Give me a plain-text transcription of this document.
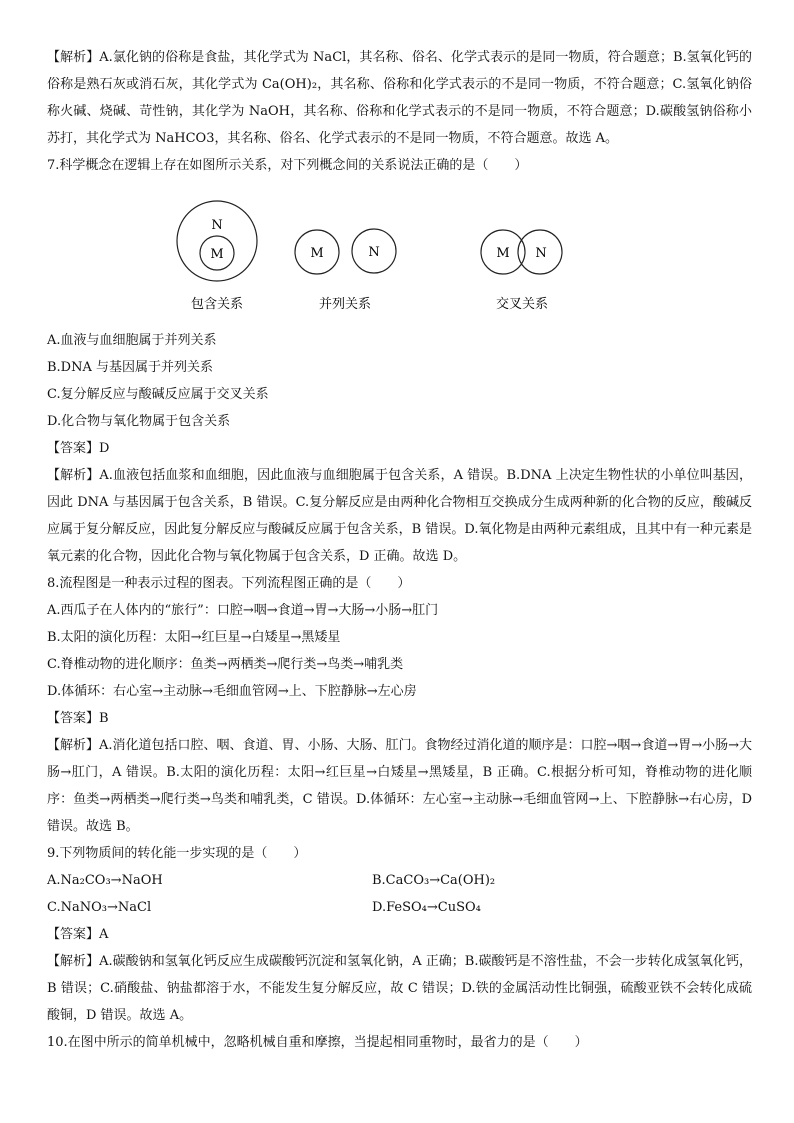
【解析】A.氯化钠的俗称是食盐，其化学式为 NaCl，其名称、俗名、化学式表示的是同一物质，符合题意；B.氢氧化钙的俗称是熟石灰或消石灰，其化学式为 Ca(OH)₂，其名称、俗称和化学式表示的不是同一物质，不符合题意；C.氢氧化钠俗称火碱、烧碱、苛性钠，其化学为 NaOH，其名称、俗称和化学式表示的不是同一物质，不符合题意；D.碳酸氢钠俗称小苏打，其化学式为 NaHCO3，其名称、俗名、化学式表示的不是同一物质，不符合题意。故选 A。

7.科学概念在逻辑上存在如图所示关系，对下列概念间的关系说法正确的是（　　）

N
M
包含关系
M	N
并列关系
M N
交叉关系

A.血液与血细胞属于并列关系

B.DNA 与基因属于并列关系

C.复分解反应与酸碱反应属于交叉关系

D.化合物与氧化物属于包含关系

【答案】D

【解析】A.血液包括血浆和血细胞，因此血液与血细胞属于包含关系，A 错误。B.DNA 上决定生物性状的小单位叫基因，因此 DNA 与基因属于包含关系，B 错误。C.复分解反应是由两种化合物相互交换成分生成两种新的化合物的反应，酸碱反应属于复分解反应，因此复分解反应与酸碱反应属于包含关系，B 错误。D.氧化物是由两种元素组成，且其中有一种元素是氧元素的化合物，因此化合物与氧化物属于包含关系，D 正确。故选 D。

8.流程图是一种表示过程的图表。下列流程图正确的是（　　）

A.西瓜子在人体内的“旅行”：口腔→咽→食道→胃→大肠→小肠→肛门

B.太阳的演化历程：太阳→红巨星→白矮星→黑矮星

C.脊椎动物的进化顺序：鱼类→两栖类→爬行类→鸟类→哺乳类

D.体循环：右心室→主动脉→毛细血管网→上、下腔静脉→左心房

【答案】B

【解析】A.消化道包括口腔、咽、食道、胃、小肠、大肠、肛门。食物经过消化道的顺序是：口腔→咽→食道→胃→小肠→大肠→肛门，A 错误。B.太阳的演化历程：太阳→红巨星→白矮星→黑矮星，B 正确。C.根据分析可知，脊椎动物的进化顺序：鱼类→两栖类→爬行类→鸟类和哺乳类，C 错误。D.体循环：左心室→主动脉→毛细血管网→上、下腔静脉→右心房，D 错误。故选 B。

9.下列物质间的转化能一步实现的是（　　）

A.Na₂CO₃→NaOH	B.CaCO₃→Ca(OH)₂
C.NaNO₃→NaCl	D.FeSO₄→CuSO₄

【答案】A

【解析】A.碳酸钠和氢氧化钙反应生成碳酸钙沉淀和氢氧化钠，A 正确；B.碳酸钙是不溶性盐，不会一步转化成氢氧化钙，B 错误；C.硝酸盐、钠盐都溶于水，不能发生复分解反应，故 C 错误；D.铁的金属活动性比铜强，硫酸亚铁不会转化成硫酸铜，D 错误。故选 A。

10.在图中所示的简单机械中，忽略机械自重和摩擦，当提起相同重物时，最省力的是（　　）
